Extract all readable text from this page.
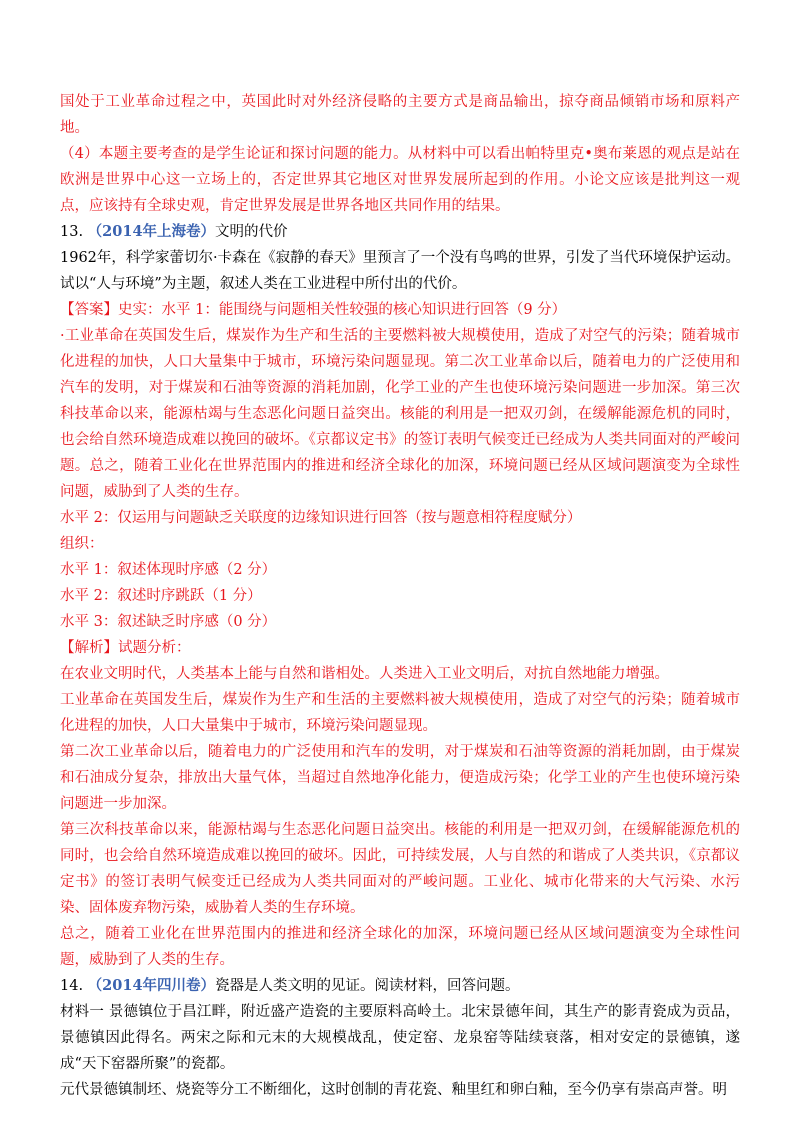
国处于工业革命过程之中，英国此时对外经济侵略的主要方式是商品输出，掠夺商品倾销市场和原料产地。

（4）本题主要考查的是学生论证和探讨问题的能力。从材料中可以看出帕特里克•奥布莱恩的观点是站在欧洲是世界中心这一立场上的，否定世界其它地区对世界发展所起到的作用。小论文应该是批判这一观点，应该持有全球史观，肯定世界发展是世界各地区共同作用的结果。

13. （2014年上海卷）文明的代价

1962年，科学家蕾切尔·卡森在《寂静的春天》里预言了一个没有鸟鸣的世界，引发了当代环境保护运动。试以“人与环境”为主题，叙述人类在工业进程中所付出的代价。

【答案】史实：水平 1：能围绕与问题相关性较强的核心知识进行回答（9 分）

·工业革命在英国发生后，煤炭作为生产和生活的主要燃料被大规模使用，造成了对空气的污染；随着城市化进程的加快，人口大量集中于城市，环境污染问题显现。第二次工业革命以后，随着电力的广泛使用和汽车的发明，对于煤炭和石油等资源的消耗加剧，化学工业的产生也使环境污染问题进一步加深。第三次科技革命以来，能源枯竭与生态恶化问题日益突出。核能的利用是一把双刃剑，在缓解能源危机的同时，也会给自然环境造成难以挽回的破坏。《京都议定书》的签订表明气候变迁已经成为人类共同面对的严峻问题。总之，随着工业化在世界范围内的推进和经济全球化的加深，环境问题已经从区域问题演变为全球性问题，威胁到了人类的生存。

水平 2：仅运用与问题缺乏关联度的边缘知识进行回答（按与题意相符程度赋分）

组织：

水平 1：叙述体现时序感（2 分）

水平 2：叙述时序跳跃（1 分）

水平 3：叙述缺乏时序感（0 分）

【解析】试题分析：

在农业文明时代，人类基本上能与自然和谐相处。人类进入工业文明后，对抗自然地能力增强。

工业革命在英国发生后，煤炭作为生产和生活的主要燃料被大规模使用，造成了对空气的污染；随着城市化进程的加快，人口大量集中于城市，环境污染问题显现。

第二次工业革命以后，随着电力的广泛使用和汽车的发明，对于煤炭和石油等资源的消耗加剧，由于煤炭和石油成分复杂，排放出大量气体，当超过自然地净化能力，便造成污染；化学工业的产生也使环境污染问题进一步加深。

第三次科技革命以来，能源枯竭与生态恶化问题日益突出。核能的利用是一把双刃剑，在缓解能源危机的同时，也会给自然环境造成难以挽回的破坏。因此，可持续发展，人与自然的和谐成了人类共识，《京都议定书》的签订表明气候变迁已经成为人类共同面对的严峻问题。工业化、城市化带来的大气污染、水污染、固体废弃物污染，威胁着人类的生存环境。

总之，随着工业化在世界范围内的推进和经济全球化的加深，环境问题已经从区域问题演变为全球性问题，威胁到了人类的生存。

14. （2014年四川卷）瓷器是人类文明的见证。阅读材料，回答问题。

材料一 景德镇位于昌江畔，附近盛产造瓷的主要原料高岭土。北宋景德年间，其生产的影青瓷成为贡品，景德镇因此得名。两宋之际和元末的大规模战乱，使定窑、龙泉窑等陆续衰落，相对安定的景德镇，遂成“天下窑器所聚”的瓷都。

元代景德镇制坯、烧瓷等分工不断细化，这时创制的青花瓷、釉里红和卵白釉，至今仍享有崇高声誉。明
